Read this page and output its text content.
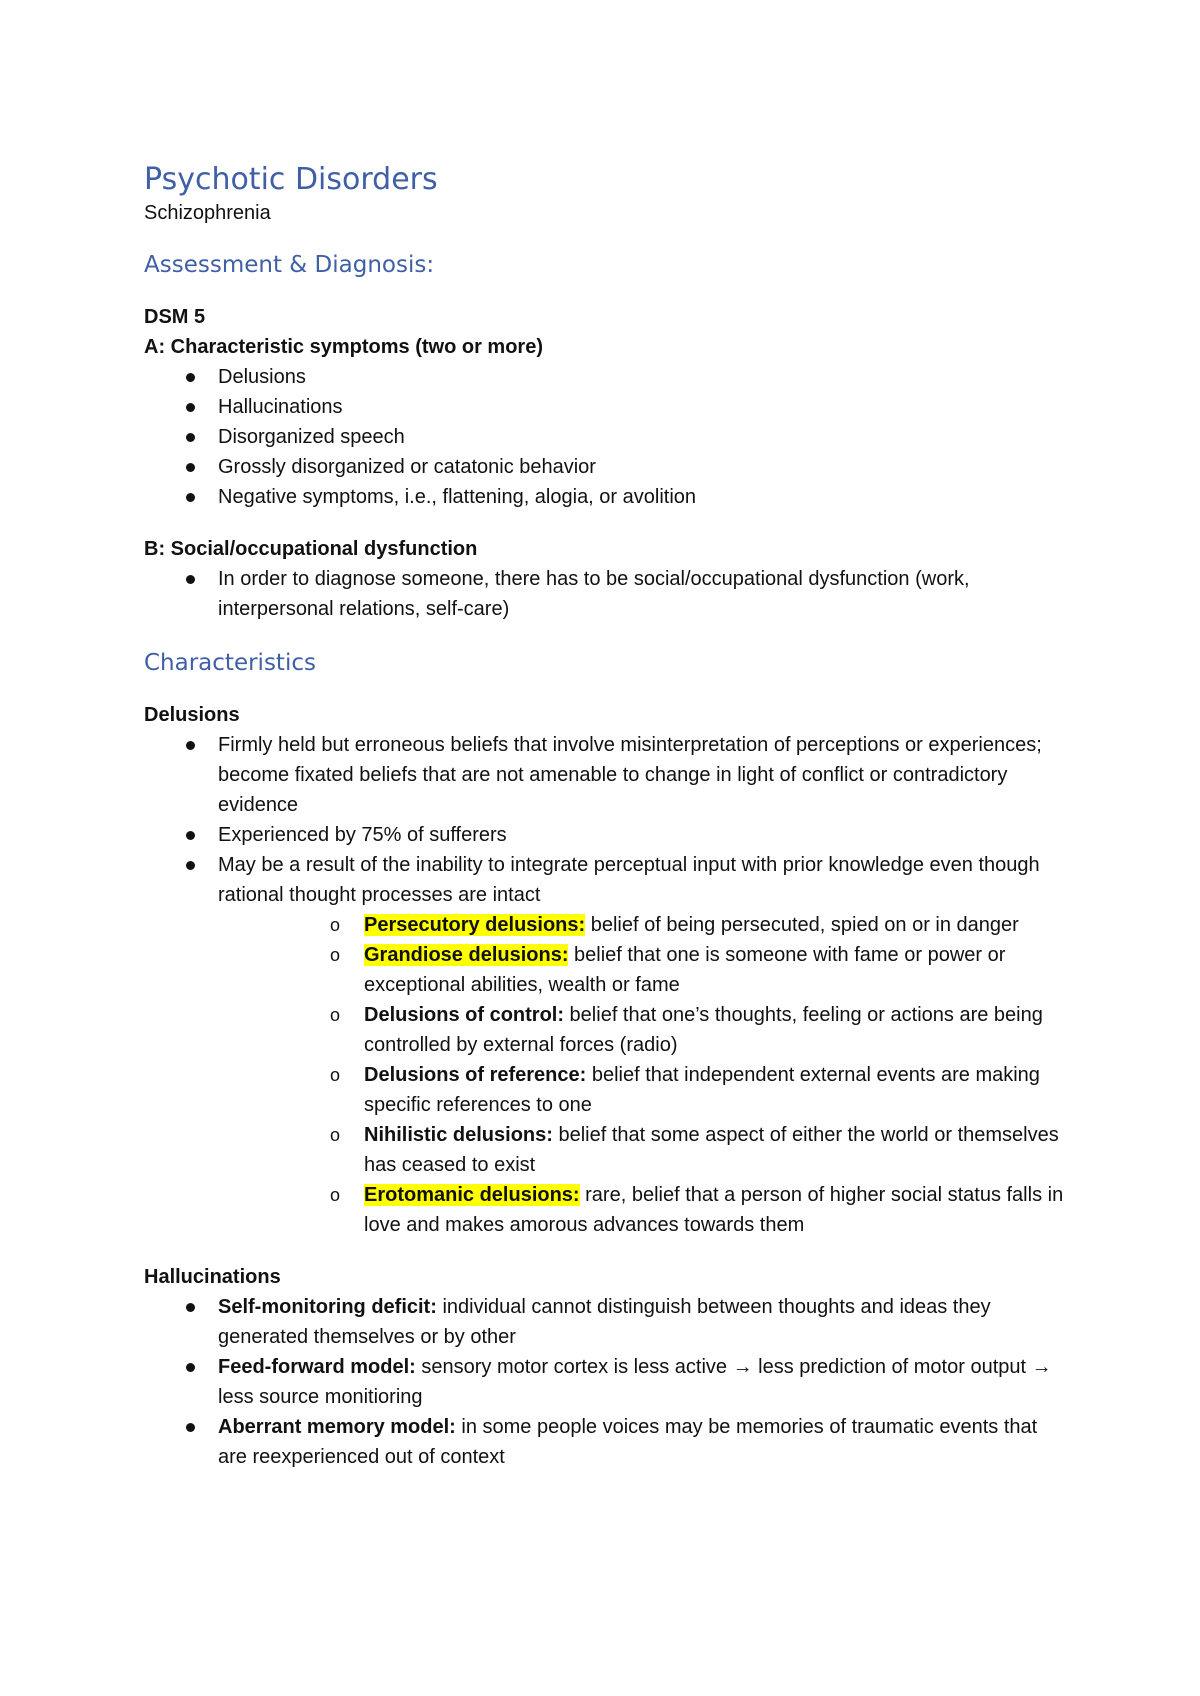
Psychotic Disorders

Schizophrenia

Assessment & Diagnosis:

DSM 5

A: Characteristic symptoms (two or more)

Delusions
Hallucinations
Disorganized speech
Grossly disorganized or catatonic behavior
Negative symptoms, i.e., flattening, alogia, or avolition

B: Social/occupational dysfunction

In order to diagnose someone, there has to be social/occupational dysfunction (work, interpersonal relations, self-care)
Characteristics

Delusions

Firmly held but erroneous beliefs that involve misinterpretation of perceptions or experiences; become fixated beliefs that are not amenable to change in light of conflict or contradictory evidence
Experienced by 75% of sufferers
May be a result of the inability to integrate perceptual input with prior knowledge even though rational thought processes are intact
o Persecutory delusions: belief of being persecuted, spied on or in danger
o Grandiose delusions: belief that one is someone with fame or power or exceptional abilities, wealth or fame
o Delusions of control: belief that one’s thoughts, feeling or actions are being controlled by external forces (radio)
o Delusions of reference: belief that independent external events are making specific references to one
o Nihilistic delusions: belief that some aspect of either the world or themselves has ceased to exist
o Erotomanic delusions: rare, belief that a person of higher social status falls in love and makes amorous advances towards them

Hallucinations

Self-monitoring deficit: individual cannot distinguish between thoughts and ideas they generated themselves or by other
Feed-forward model: sensory motor cortex is less active → less prediction of motor output → less source monitioring
Aberrant memory model: in some people voices may be memories of traumatic events that are reexperienced out of context
